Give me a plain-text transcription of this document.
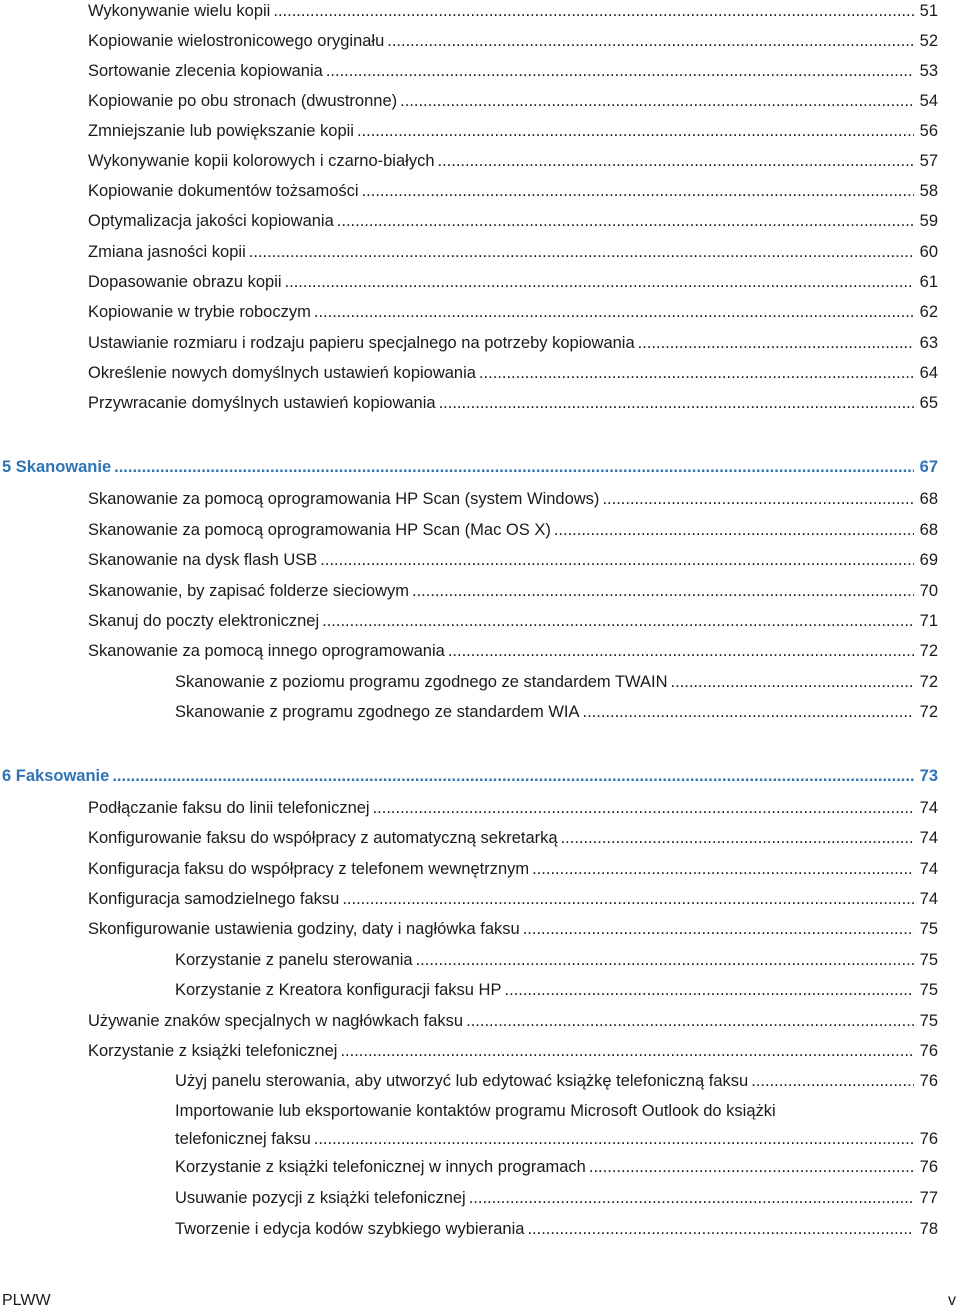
Wykonywanie wielu kopii .....	51
Kopiowanie wielostronicowego oryginału .....	52
Sortowanie zlecenia kopiowania .....	53
Kopiowanie po obu stronach (dwustronne) .....	54
Zmniejszanie lub powiększanie kopii .....	56
Wykonywanie kopii kolorowych i czarno-białych .....	57
Kopiowanie dokumentów tożsamości .....	58
Optymalizacja jakości kopiowania .....	59
Zmiana jasności kopii .....	60
Dopasowanie obrazu kopii .....	61
Kopiowanie w trybie roboczym .....	62
Ustawianie rozmiaru i rodzaju papieru specjalnego na potrzeby kopiowania .....	63
Określenie nowych domyślnych ustawień kopiowania .....	64
Przywracanie domyślnych ustawień kopiowania .....	65
5 Skanowanie .....	67
Skanowanie za pomocą oprogramowania HP Scan (system Windows) .....	68
Skanowanie za pomocą oprogramowania HP Scan (Mac OS X) .....	68
Skanowanie na dysk flash USB .....	69
Skanowanie, by zapisać folderze sieciowym .....	70
Skanuj do poczty elektronicznej .....	71
Skanowanie za pomocą innego oprogramowania .....	72
Skanowanie z poziomu programu zgodnego ze standardem TWAIN .....	72
Skanowanie z programu zgodnego ze standardem WIA .....	72
6 Faksowanie .....	73
Podłączanie faksu do linii telefonicznej .....	74
Konfigurowanie faksu do współpracy z automatyczną sekretarką .....	74
Konfiguracja faksu do współpracy z telefonem wewnętrznym .....	74
Konfiguracja samodzielnego faksu .....	74
Skonfigurowanie ustawienia godziny, daty i nagłówka faksu .....	75
Korzystanie z panelu sterowania .....	75
Korzystanie z Kreatora konfiguracji faksu HP .....	75
Używanie znaków specjalnych w nagłówkach faksu .....	75
Korzystanie z książki telefonicznej .....	76
Użyj panelu sterowania, aby utworzyć lub edytować książkę telefoniczną faksu .....	76
Importowanie lub eksportowanie kontaktów programu Microsoft Outlook do książki
telefonicznej faksu .....	76
Korzystanie z książki telefonicznej w innych programach .....	76
Usuwanie pozycji z książki telefonicznej .....	77
Tworzenie i edycja kodów szybkiego wybierania .....	78
PLWW	v
